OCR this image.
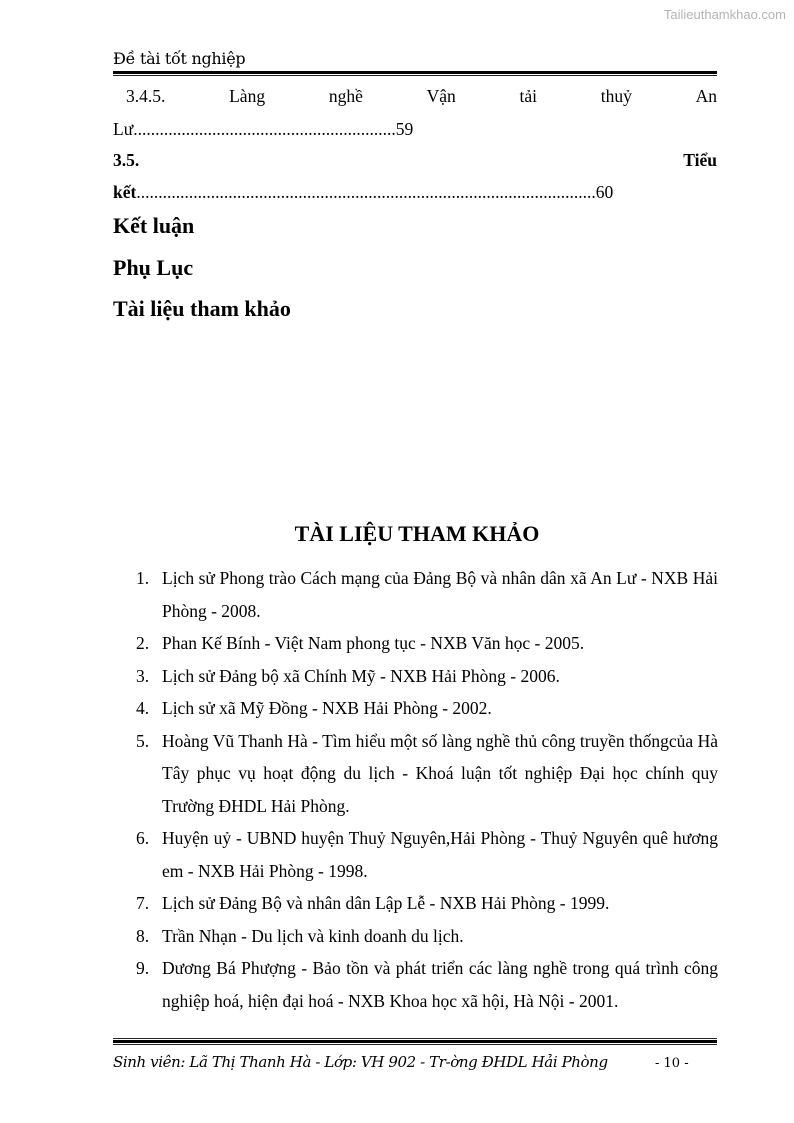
Tailieuthamkhao.com
Đề tài tốt nghiệp
3.4.5.	Làng	nghề	Vận	tải	thuỷ	An
Lư............................................................59
3.5.	Tiểu
kết.........................................................................................................60
Kết luận
Phụ Lục
Tài liệu tham khảo
TÀI LIỆU THAM KHẢO
1. Lịch sử Phong trào Cách mạng của Đảng Bộ và nhân dân xã An Lư - NXB Hải Phòng - 2008.
2. Phan Kế Bính - Việt Nam phong tục - NXB Văn học - 2005.
3. Lịch sử Đảng bộ xã Chính Mỹ - NXB Hải Phòng - 2006.
4. Lịch sử xã Mỹ Đồng - NXB Hải Phòng - 2002.
5. Hoàng Vũ Thanh Hà - Tìm hiểu một số làng nghề thủ công truyền thốngcủa Hà Tây phục vụ hoạt động du lịch - Khoá luận tốt nghiệp Đại học chính quy Trường ĐHDL Hải Phòng.
6. Huyện uỷ - UBND huyện Thuỷ Nguyên,Hải Phòng - Thuỷ Nguyên quê hương em - NXB Hải Phòng - 1998.
7. Lịch sử Đảng Bộ và nhân dân Lập Lễ - NXB Hải Phòng - 1999.
8. Trần Nhạn - Du lịch và kinh doanh du lịch.
9. Dương Bá Phượng - Bảo tồn và phát triển các làng nghề trong quá trình công nghiệp hoá, hiện đại hoá - NXB Khoa học xã hội, Hà Nội - 2001.
Sinh viên: Lã Thị Thanh Hà - Lớp: VH 902 - Tr-ờng ĐHDL Hải Phòng	- 10 -
